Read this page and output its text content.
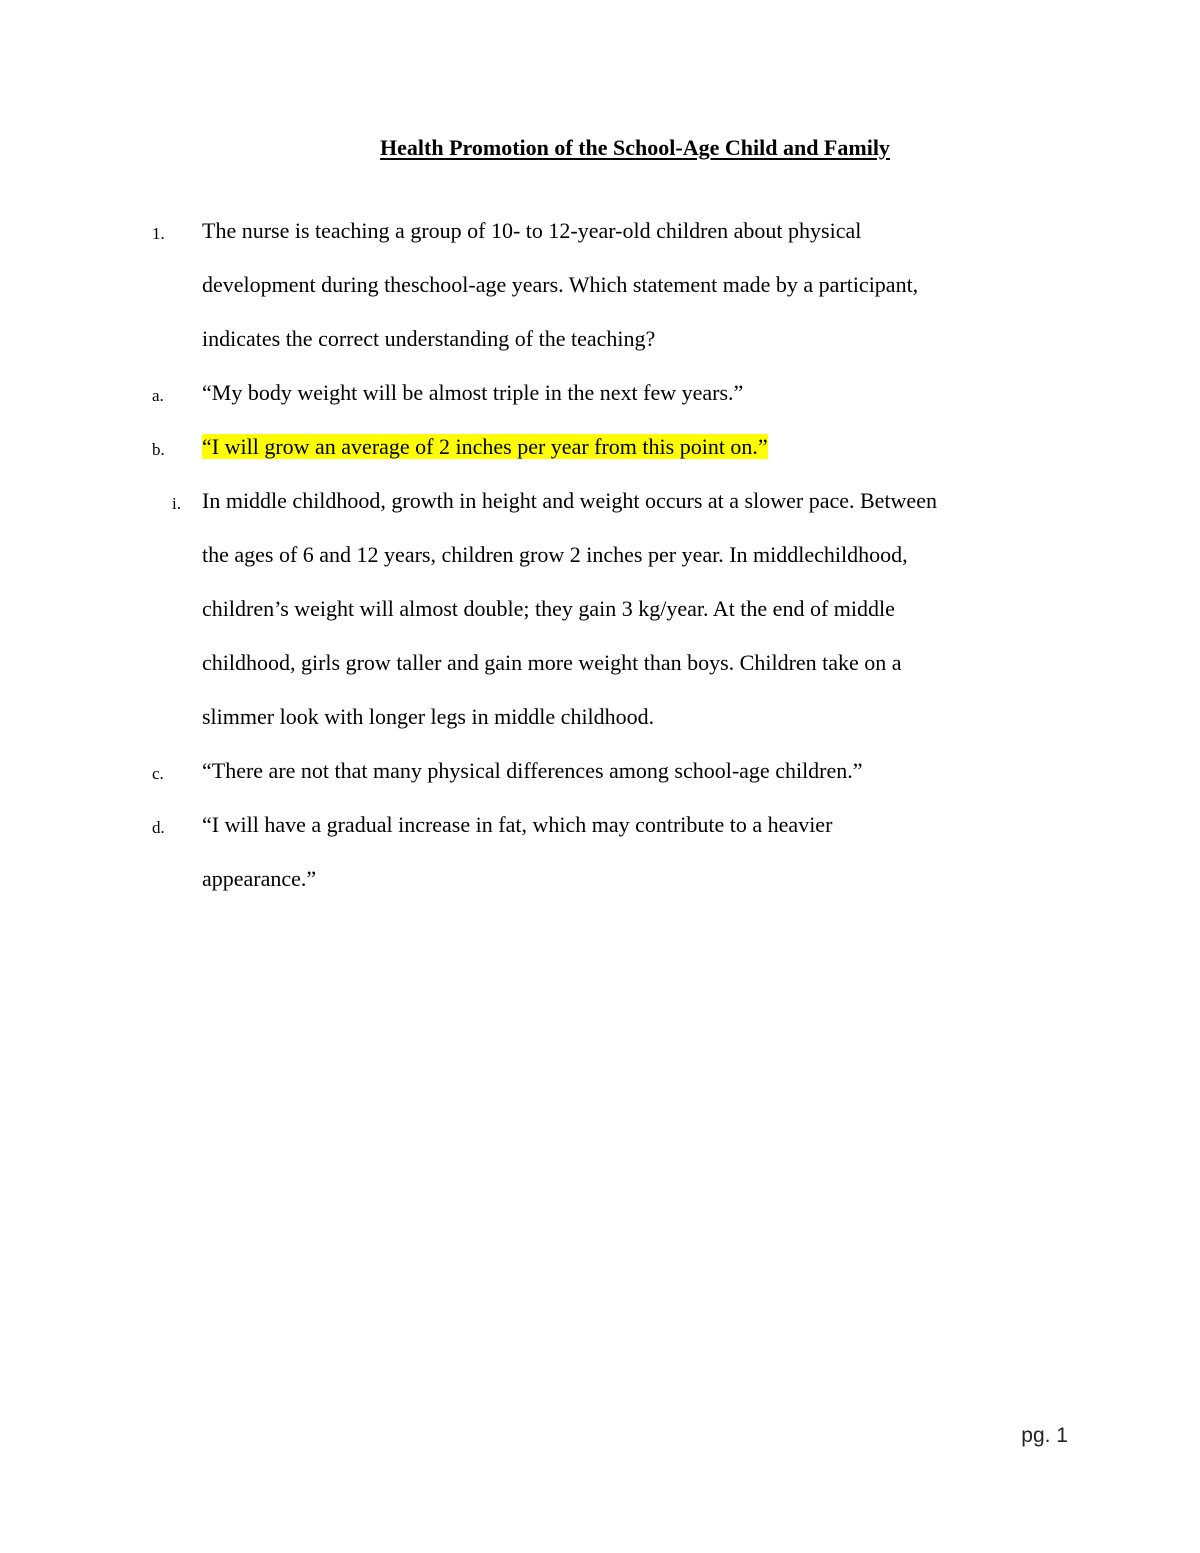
Health Promotion of the School-Age Child and Family
1.	The nurse is teaching a group of 10- to 12-year-old children about physical
development during theschool-age years. Which statement made by a participant,
indicates the correct understanding of the teaching?
a.	“My body weight will be almost triple in the next few years.”
b.	“I will grow an average of 2 inches per year from this point on.”
i. In middle childhood, growth in height and weight occurs at a slower pace. Between
the ages of 6 and 12 years, children grow 2 inches per year. In middlechildhood,
children’s weight will almost double; they gain 3 kg/year. At the end of middle
childhood, girls grow taller and gain more weight than boys. Children take on a
slimmer look with longer legs in middle childhood.
c.	“There are not that many physical differences among school-age children.”
d.	“I will have a gradual increase in fat, which may contribute to a heavier
appearance.”
pg. 1
